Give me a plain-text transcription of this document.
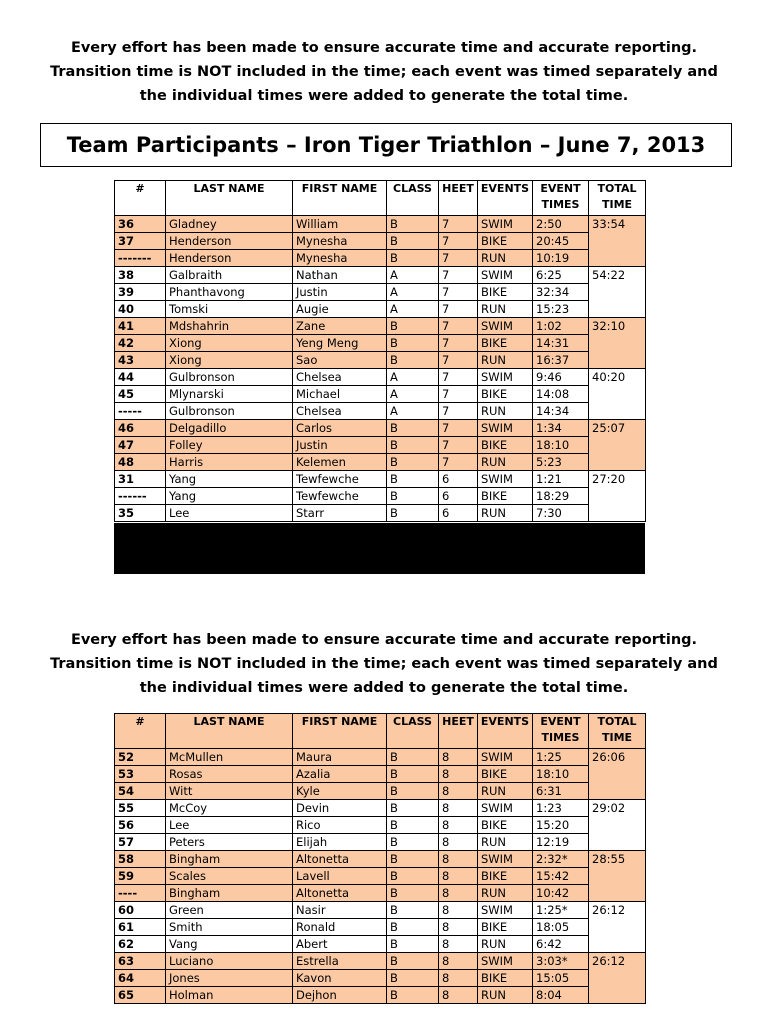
Every effort has been made to ensure accurate time and accurate reporting.
Transition time is NOT included in the time; each event was timed separately and
the individual times were added to generate the total time.
Team Participants – Iron Tiger Triathlon – June 7, 2013
#	LAST NAME	FIRST NAME	CLASS	HEET	EVENTS	EVENT TIMES	TOTAL TIME
36	Gladney	William	B	7	SWIM	2:50	33:54
37	Henderson	Mynesha	B	7	BIKE	20:45	
-------	Henderson	Mynesha	B	7	RUN	10:19	
38	Galbraith	Nathan	A	7	SWIM	6:25	54:22
39	Phanthavong	Justin	A	7	BIKE	32:34	
40	Tomski	Augie	A	7	RUN	15:23	
41	Mdshahrin	Zane	B	7	SWIM	1:02	32:10
42	Xiong	Yeng Meng	B	7	BIKE	14:31	
43	Xiong	Sao	B	7	RUN	16:37	
44	Gulbronson	Chelsea	A	7	SWIM	9:46	40:20
45	Mlynarski	Michael	A	7	BIKE	14:08	
-----	Gulbronson	Chelsea	A	7	RUN	14:34	
46	Delgadillo	Carlos	B	7	SWIM	1:34	25:07
47	Folley	Justin	B	7	BIKE	18:10	
48	Harris	Kelemen	B	7	RUN	5:23	
31	Yang	Tewfewche	B	6	SWIM	1:21	27:20
------	Yang	Tewfewche	B	6	BIKE	18:29	
35	Lee	Starr	B	6	RUN	7:30	
Every effort has been made to ensure accurate time and accurate reporting.
Transition time is NOT included in the time; each event was timed separately and
the individual times were added to generate the total time.
#	LAST NAME	FIRST NAME	CLASS	HEET	EVENTS	EVENT TIMES	TOTAL TIME
52	McMullen	Maura	B	8	SWIM	1:25	26:06
53	Rosas	Azalia	B	8	BIKE	18:10	
54	Witt	Kyle	B	8	RUN	6:31	
55	McCoy	Devin	B	8	SWIM	1:23	29:02
56	Lee	Rico	B	8	BIKE	15:20	
57	Peters	Elijah	B	8	RUN	12:19	
58	Bingham	Altonetta	B	8	SWIM	2:32*	28:55
59	Scales	Lavell	B	8	BIKE	15:42	
----	Bingham	Altonetta	B	8	RUN	10:42	
60	Green	Nasir	B	8	SWIM	1:25*	26:12
61	Smith	Ronald	B	8	BIKE	18:05	
62	Vang	Abert	B	8	RUN	6:42	
63	Luciano	Estrella	B	8	SWIM	3:03*	26:12
64	Jones	Kavon	B	8	BIKE	15:05	
65	Holman	Dejhon	B	8	RUN	8:04	
